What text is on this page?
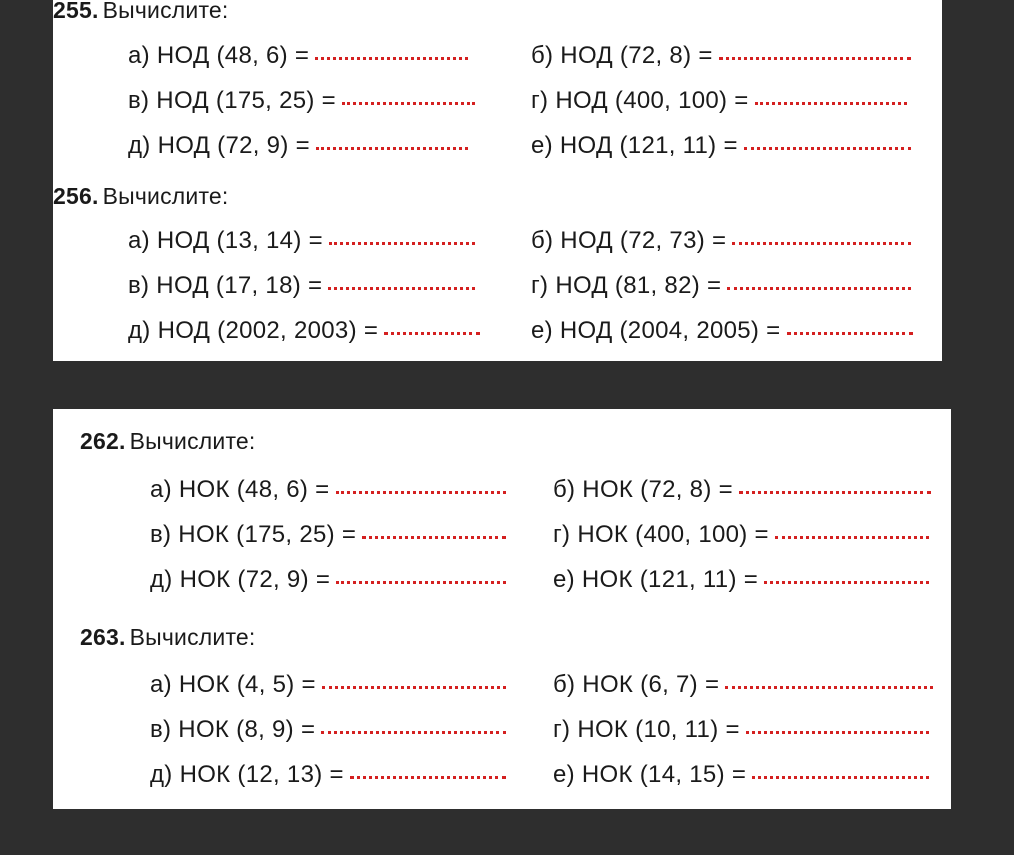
255. Вычислите:
а) НОД (48, 6) =	б) НОД (72, 8) =
в) НОД (175, 25) =	г) НОД (400, 100) =
д) НОД (72, 9) =	е) НОД (121, 11) =
256. Вычислите:
а) НОД (13, 14) =	б) НОД (72, 73) =
в) НОД (17, 18) =	г) НОД (81, 82) =
д) НОД (2002, 2003) =	е) НОД (2004, 2005) =
262. Вычислите:
а) НОК (48, 6) =	б) НОК (72, 8) =
в) НОК (175, 25) =	г) НОК (400, 100) =
д) НОК (72, 9) =	е) НОК (121, 11) =
263. Вычислите:
а) НОК (4, 5) =	б) НОК (6, 7) =
в) НОК (8, 9) =	г) НОК (10, 11) =
д) НОК (12, 13) =	е) НОК (14, 15) =
